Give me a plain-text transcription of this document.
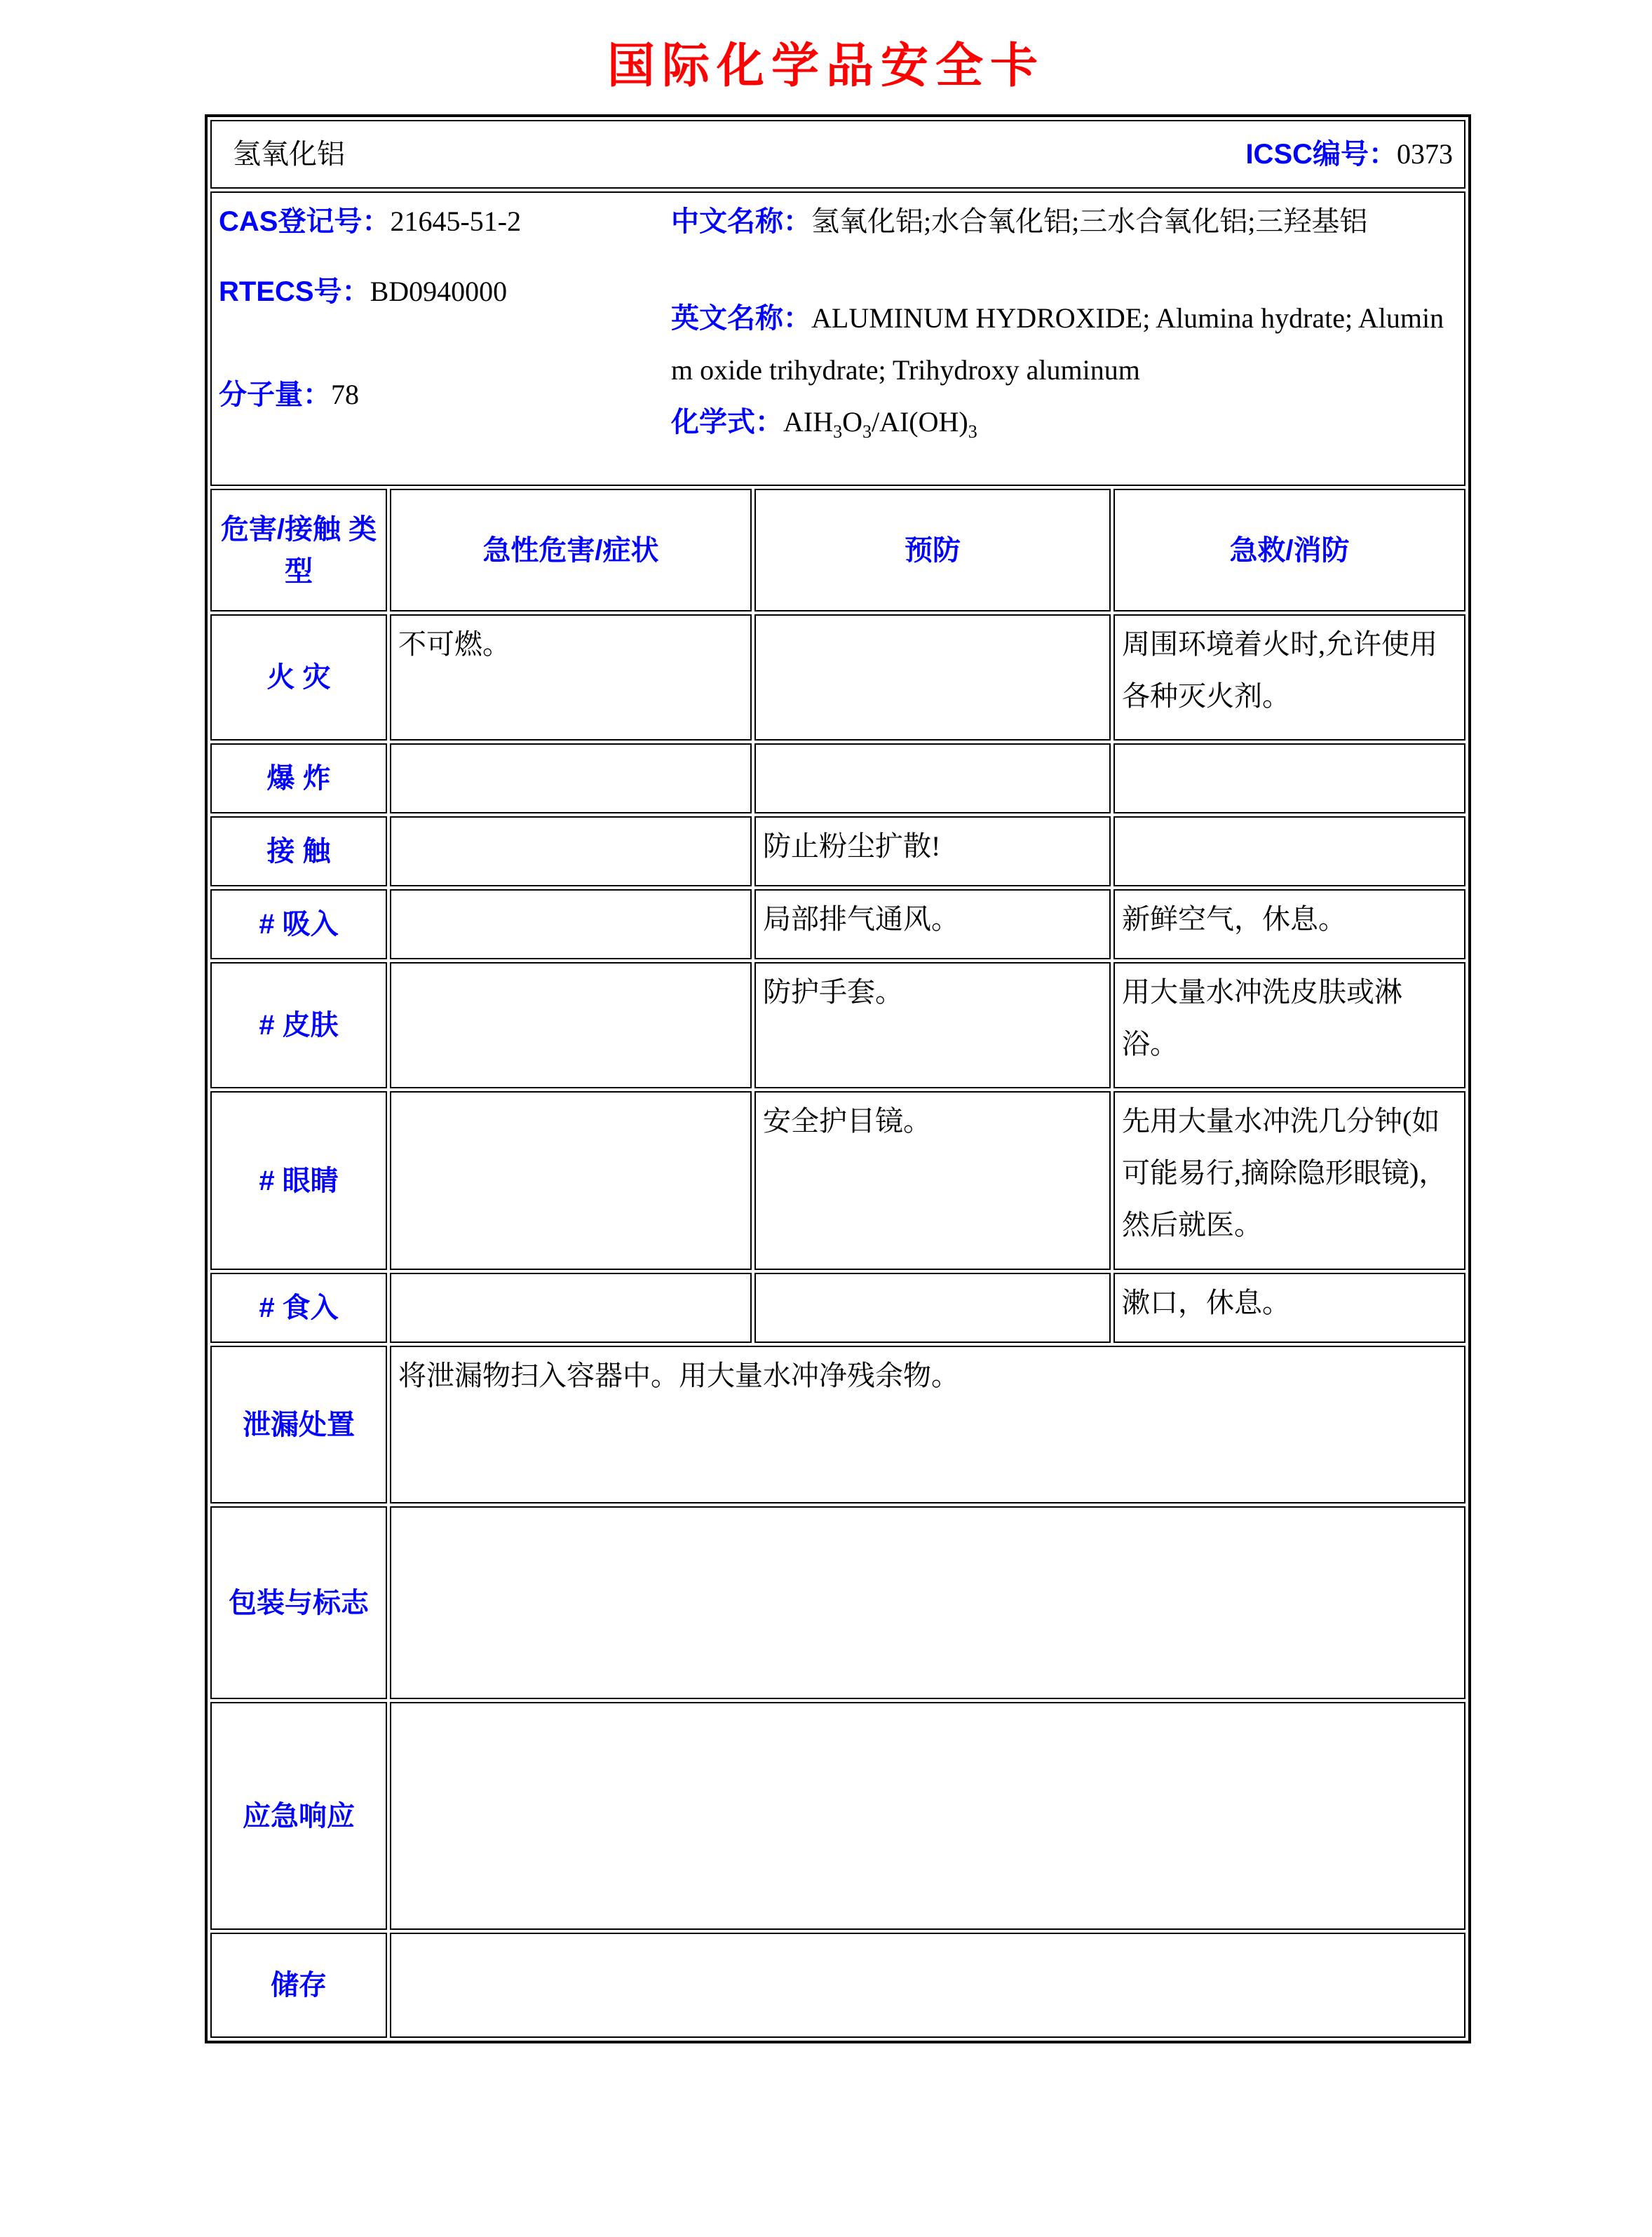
国际化学品安全卡
氢氧化铝 ICSC编号：0373			

CAS登记号：21645-51-2

RTECS号：BD0940000

分子量：78

中文名称：氢氧化铝;水合氧化铝;三水合氧化铝;三羟基铝

英文名称：ALUMINUM HYDROXIDE; Alumina hydrate; Aluminm oxide trihydrate; Trihydroxy aluminum

化学式：$AIH_3O_3/AI(OH)_3$

危害/接触 类型	急性危害/症状	预防	急救/消防
火 灾	不可燃。		周围环境着火时,允许使用各种灭火剂。
爆 炸			
接 触		防止粉尘扩散!	
# 吸入		局部排气通风。	新鲜空气，休息。
# 皮肤		防护手套。	用大量水冲洗皮肤或淋浴。
# 眼睛		安全护目镜。	先用大量水冲洗几分钟(如可能易行,摘除隐形眼镜)，然后就医。
# 食入			漱口，休息。
泄漏处置	将泄漏物扫入容器中。用大量水冲净残余物。		
包装与标志			
应急响应			
储存			
